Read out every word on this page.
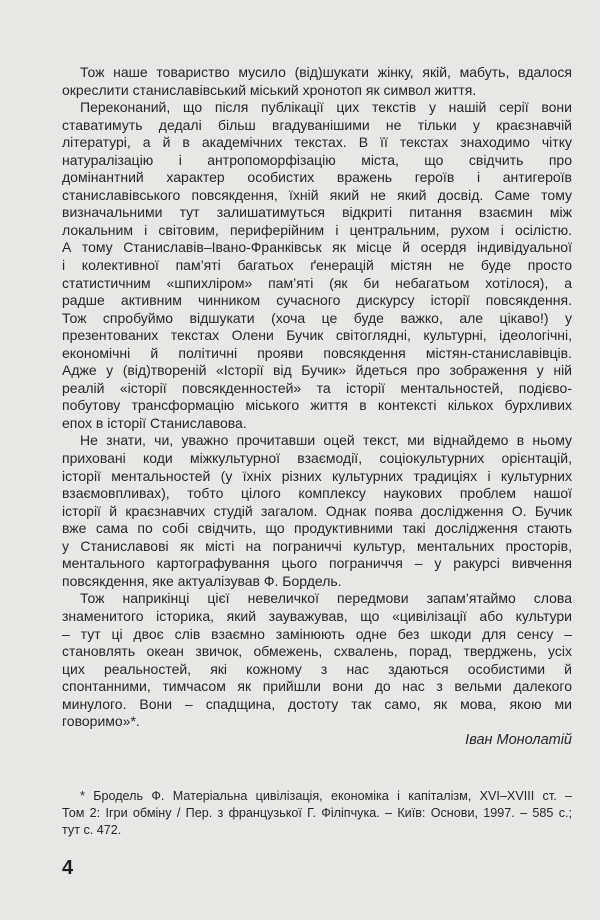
Тож наше товариство мусило (від)шукати жінку, якій, мабуть, вдалося
окреслити станиславівський міський хронотоп як символ життя.
Переконаний, що після публікації цих текстів у нашій серії вони
ставатимуть дедалі більш вгадуванішими не тільки у краєзнавчій
літературі, а й в академічних текстах. В її текстах знаходимо чітку
натуралізацію і антропоморфізацію міста, що свідчить про
домінантний характер особистих вражень героїв і антигероїв
станиславівського повсякдення, їхній який не який досвід. Саме тому
визначальними тут залишатимуться відкриті питання взаємин між
локальним і світовим, периферійним і центральним, рухом і осілістю.
А тому Станиславів–Івано-Франківськ як місце й осердя індивідуальної
і колективної пам’яті багатьох ґенерацій містян не буде просто
статистичним «шпихліром» пам’яті (як би небагатьом хотілося), а
радше активним чинником сучасного дискурсу історії повсякдення.
Тож спробуймо відшукати (хоча це буде важко, але цікаво!) у
презентованих текстах Олени Бучик світоглядні, культурні, ідеологічні,
економічні й політичні прояви повсякдення містян-станиславівців.
Адже у (від)твореній «Історії від Бучик» йдеться про зображення у ній
реалій «історії повсякденностей» та історії ментальностей, подієво-
побутову трансформацію міського життя в контексті кількох бурхливих
епох в історії Станиславова.
Не знати, чи, уважно прочитавши оцей текст, ми віднайдемо в ньому
приховані коди міжкультурної взаємодії, соціокультурних орієнтацій,
історії ментальностей (у їхніх різних культурних традиціях і культурних
взаємовпливах), тобто цілого комплексу наукових проблем нашої
історії й краєзнавчих студій загалом. Однак поява дослідження О. Бучик
вже сама по собі свідчить, що продуктивними такі дослідження стають
у Станиславові як місті на пограниччі культур, ментальних просторів,
ментального картографування цього пограниччя – у ракурсі вивчення
повсякдення, яке актуалізував Ф. Бордель.
Тож наприкінці цієї невеличкої передмови запам’ятаймо слова
знаменитого історика, який зауважував, що «цивілізації або культури
– тут ці двоє слів взаємно замінюють одне без шкоди для сенсу –
становлять океан звичок, обмежень, схвалень, порад, тверджень, усіх
цих реальностей, які кожному з нас здаються особистими й
спонтанними, тимчасом як прийшли вони до нас з вельми далекого
минулого. Вони – спадщина, достоту так само, як мова, якою ми
говоримо»*.
Іван Монолатій
* Бродель Ф. Матеріальна цивілізація, економіка і капіталізм, XVI–XVIII ст. –
Том 2: Ігри обміну / Пер. з французької Г. Філіпчука. – Київ: Основи, 1997. – 585 с.;
тут с. 472.
4
